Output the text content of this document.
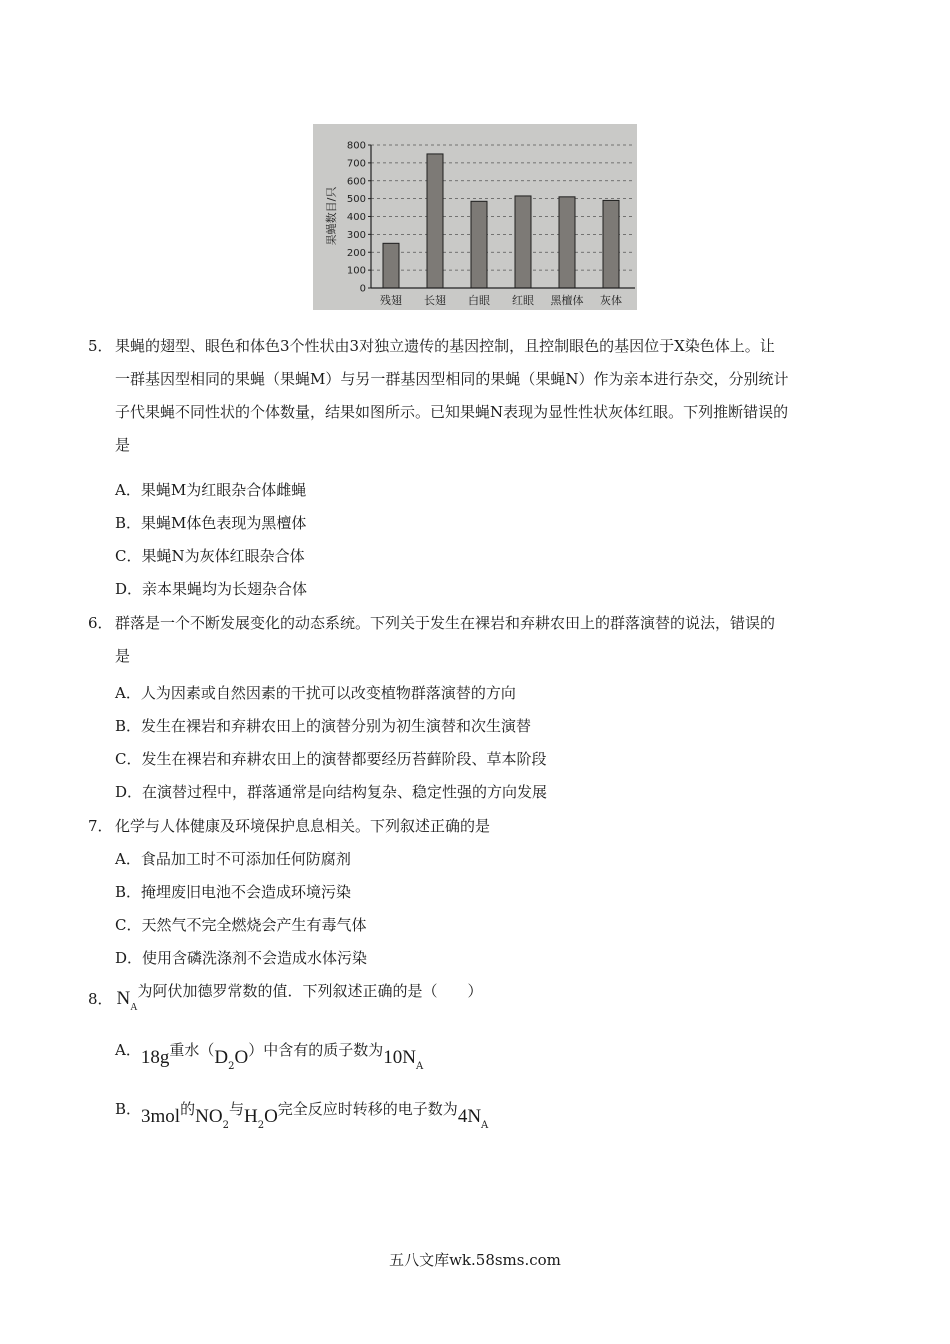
0
100
200
300
400
500
600
700
800
残翅 长翅 白眼 红眼 黑檀体 灰体
果蝇数目/只
5． 果蝇的翅型、眼色和体色3个性状由3对独立遗传的基因控制，且控制眼色的基因位于X染色体上。让
一群基因型相同的果蝇（果蝇M）与另一群基因型相同的果蝇（果蝇N）作为亲本进行杂交，分别统计
子代果蝇不同性状的个体数量，结果如图所示。已知果蝇N表现为显性性状灰体红眼。下列推断错误的
是
A．果蝇M为红眼杂合体雌蝇
B．果蝇M体色表现为黑檀体
C．果蝇N为灰体红眼杂合体
D．亲本果蝇均为长翅杂合体
6． 群落是一个不断发展变化的动态系统。下列关于发生在裸岩和弃耕农田上的群落演替的说法，错误的
是
A．人为因素或自然因素的干扰可以改变植物群落演替的方向
B．发生在裸岩和弃耕农田上的演替分别为初生演替和次生演替
C．发生在裸岩和弃耕农田上的演替都要经历苔藓阶段、草本阶段
D．在演替过程中，群落通常是向结构复杂、稳定性强的方向发展
7． 化学与人体健康及环境保护息息相关。下列叙述正确的是
A．食品加工时不可添加任何防腐剂
B．掩埋废旧电池不会造成环境污染
C．天然气不完全燃烧会产生有毒气体
D．使用含磷洗涤剂不会造成水体污染
8． $N_A$为阿伏加德罗常数的值．下列叙述正确的是（　　）
A．18g重水$(D_2O)$中含有的质子数为$10N_A$
B．3mol的$NO_2$与$H_2O$完全反应时转移的电子数为$4N_A$
五八文库wk.58sms.com
